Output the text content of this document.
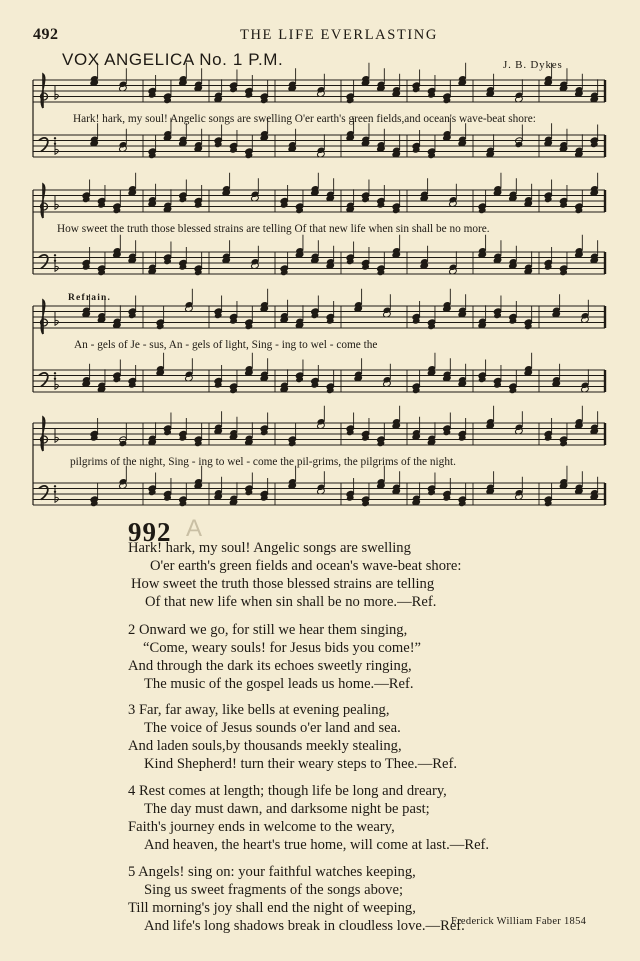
492	THE LIFE EVERLASTING
VOX ANGELICA No. 1 P.M.	J. B. Dykes
Refrain.
Hark! hark, my soul! Angelic songs are swelling O'er earth's green fields,and ocean's wave-beat shore:
How sweet the truth those blessed strains are telling Of that new life when sin shall be no more.
An - gels of Je - sus, An - gels of light, Sing - ing to wel - come the
pilgrims of the night, Sing - ing to wel - come the pil-grims, the pilgrims of the night.
992 A
Hark! hark, my soul! Angelic songs are swelling
O'er earth's green fields and ocean's wave-beat shore:
How sweet the truth those blessed strains are telling
Of that new life when sin shall be no more.—Ref.
2 Onward we go, for still we hear them singing,
“Come, weary souls! for Jesus bids you come!”
And through the dark its echoes sweetly ringing,
The music of the gospel leads us home.—Ref.
3 Far, far away, like bells at evening pealing,
The voice of Jesus sounds o'er land and sea.
And laden souls,by thousands meekly stealing,
Kind Shepherd! turn their weary steps to Thee.—Ref.
4 Rest comes at length; though life be long and dreary,
The day must dawn, and darksome night be past;
Faith's journey ends in welcome to the weary,
And heaven, the heart's true home, will come at last.—Ref.
5 Angels! sing on: your faithful watches keeping,
Sing us sweet fragments of the songs above;
Till morning's joy shall end the night of weeping,
And life's long shadows break in cloudless love.—Ref.
Frederick William Faber 1854
